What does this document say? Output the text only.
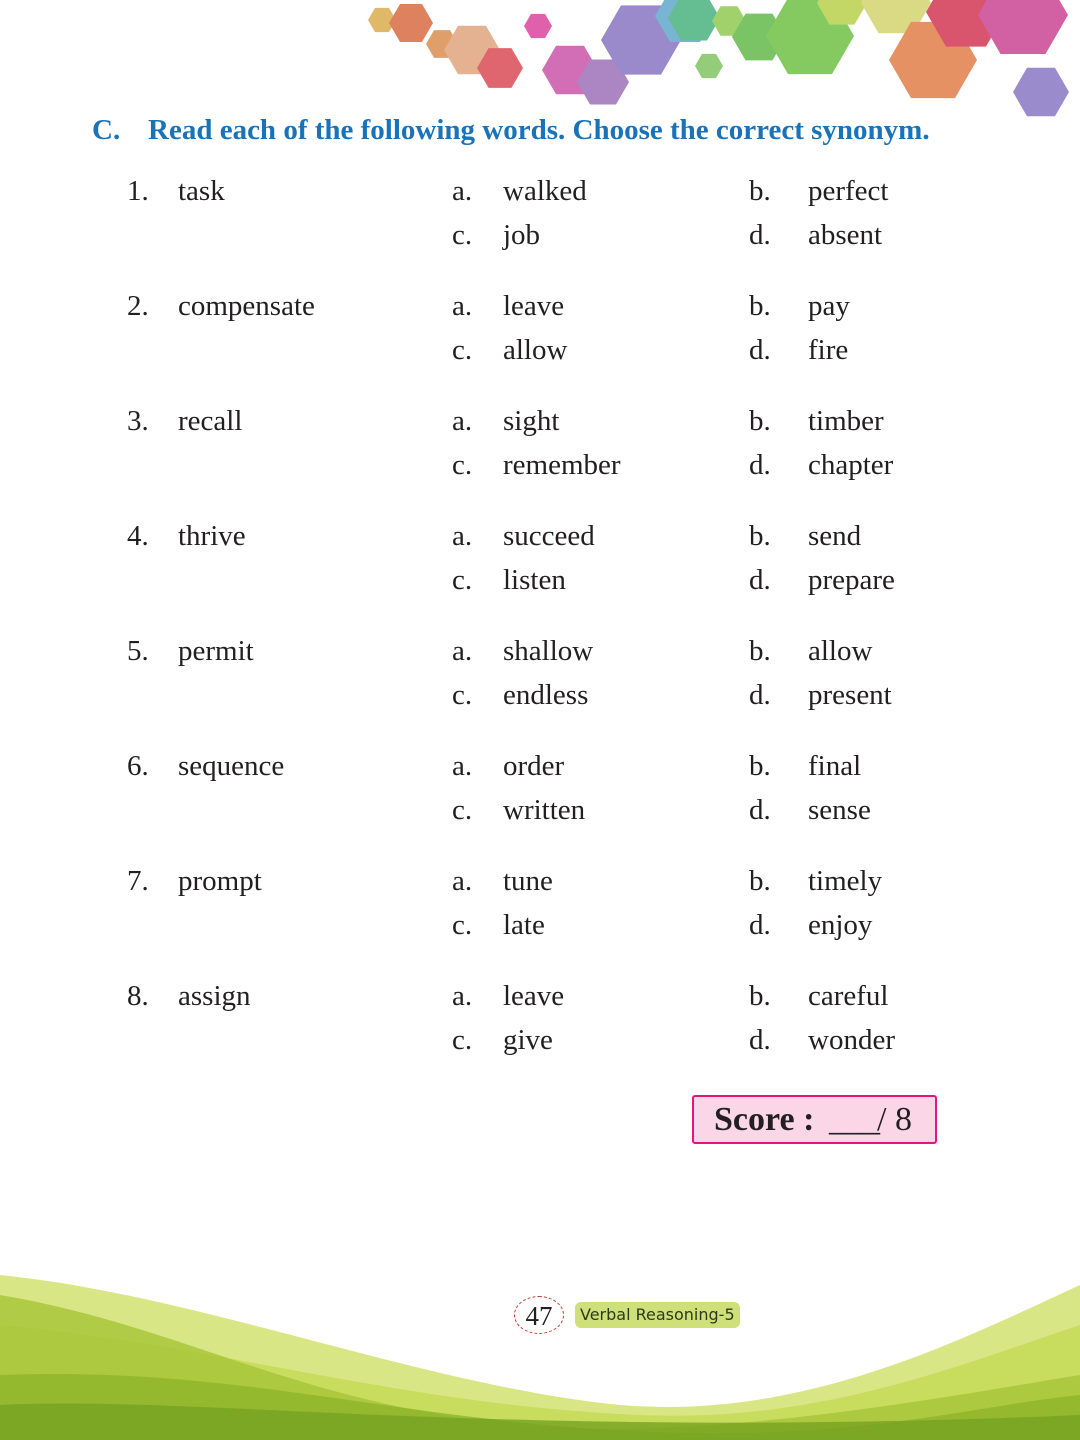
C. Read each of the following words. Choose the correct synonym.
1. task	a. walked	b. perfect
c. job	d. absent
2. compensate	a. leave	b. pay
c. allow	d. fire
3. recall	a. sight	b. timber
c. remember	d. chapter
4. thrive	a. succeed	b. send
c. listen	d. prepare
5. permit	a. shallow	b. allow
c. endless	d. present
6. sequence	a. order	b. final
c. written	d. sense
7. prompt	a. tune	b. timely
c. late	d. enjoy
8. assign	a. leave	b. careful
c. give	d. wonder
Score : ___
/ 8
47	Verbal Reasoning-5
